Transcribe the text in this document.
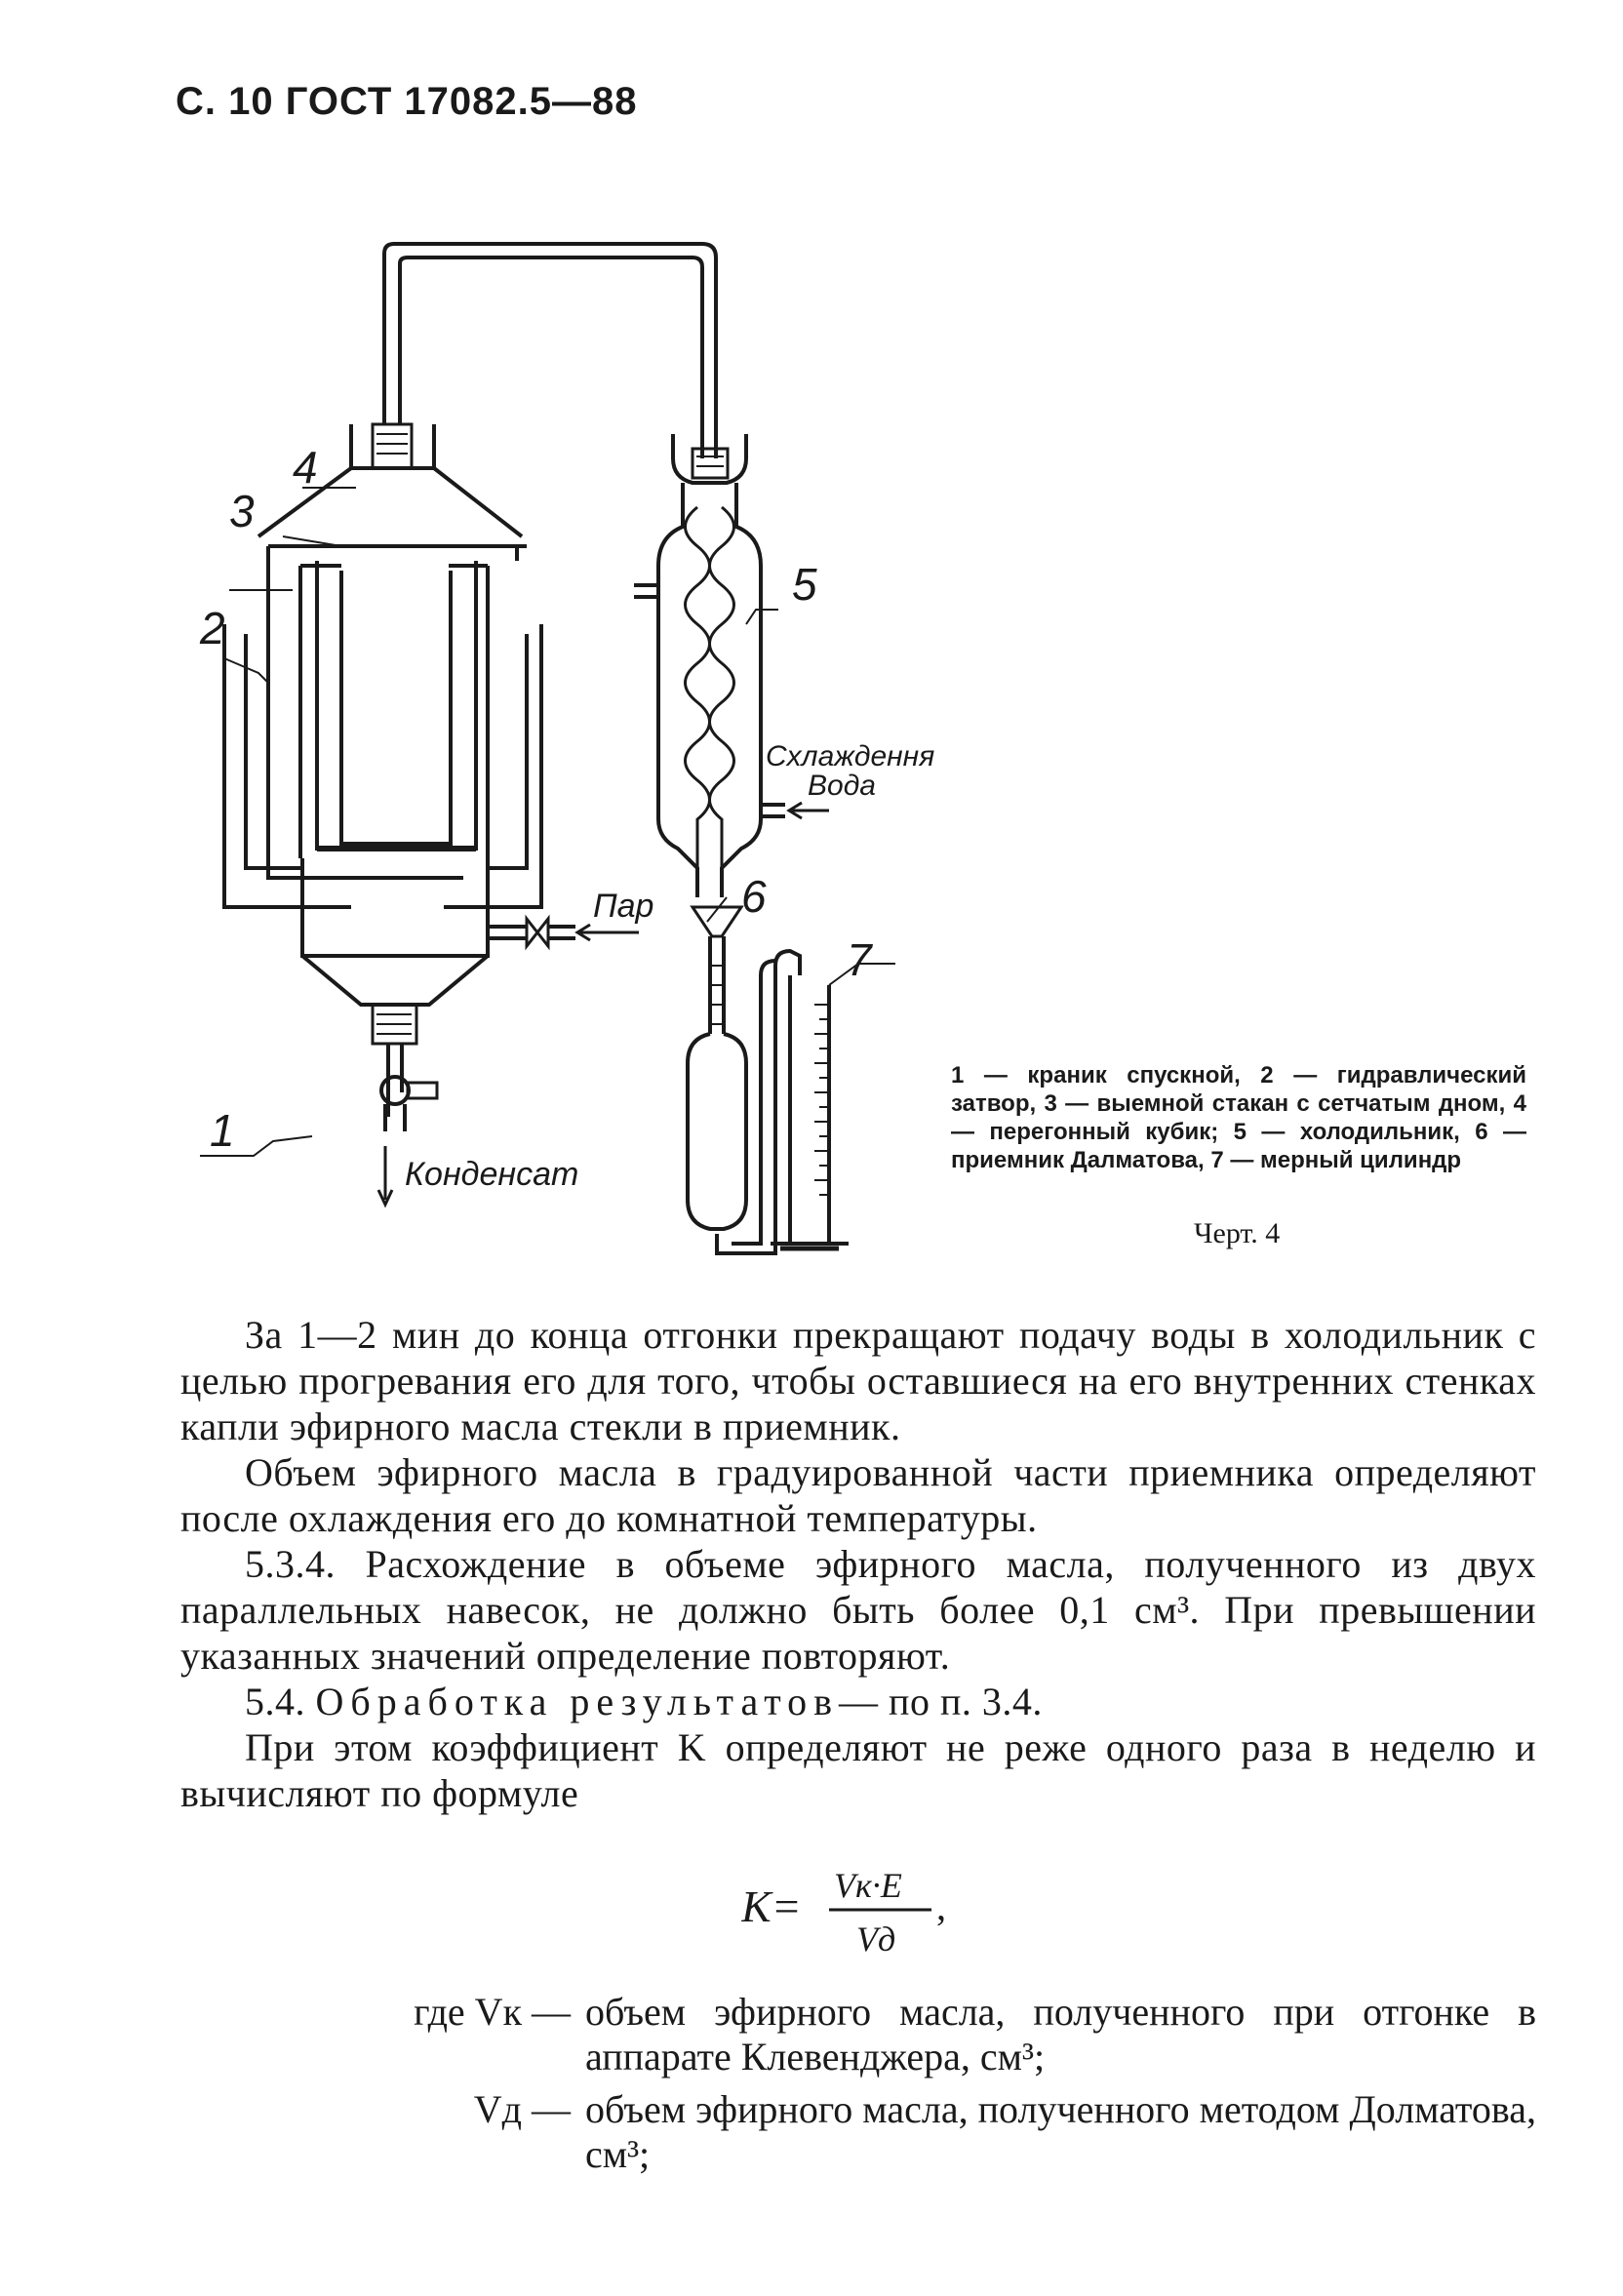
С. 10 ГОСТ 17082.5—88
4
3
2
5
Схлаждення
Вода
Пар 6
7
1
Конденсат
1 — краник спускной, 2 — гидравлический затвор, 3 — выемной стакан с сетчатым дном, 4 — перегонный кубик; 5 — холодильник, 6 — приемник Далматова, 7 — мерный цилиндр
Черт. 4

За 1—2 мин до конца отгонки прекращают подачу воды в холодильник с целью прогревания его для того, чтобы оставшиеся на его внутренних стенках капли эфирного масла стекли в приемник.

Объем эфирного масла в градуированной части приемника определяют после охлаждения его до комнатной температуры.

5.3.4. Расхождение в объеме эфирного масла, полученного из двух параллельных навесок, не должно быть более 0,1 см³. При превышении указанных значений определение повторяют.

5.4. Обработка результатов— по п. 3.4.

При этом коэффициент K определяют не реже одного раза в неделю и вычисляют по формуле

K= Vк·E
Vд
,
где Vк — объем эфирного масла, полученного при отгонке в аппарате Клевенджера, см³;
Vд — объем эфирного масла, полученного методом Долматова, см³;
